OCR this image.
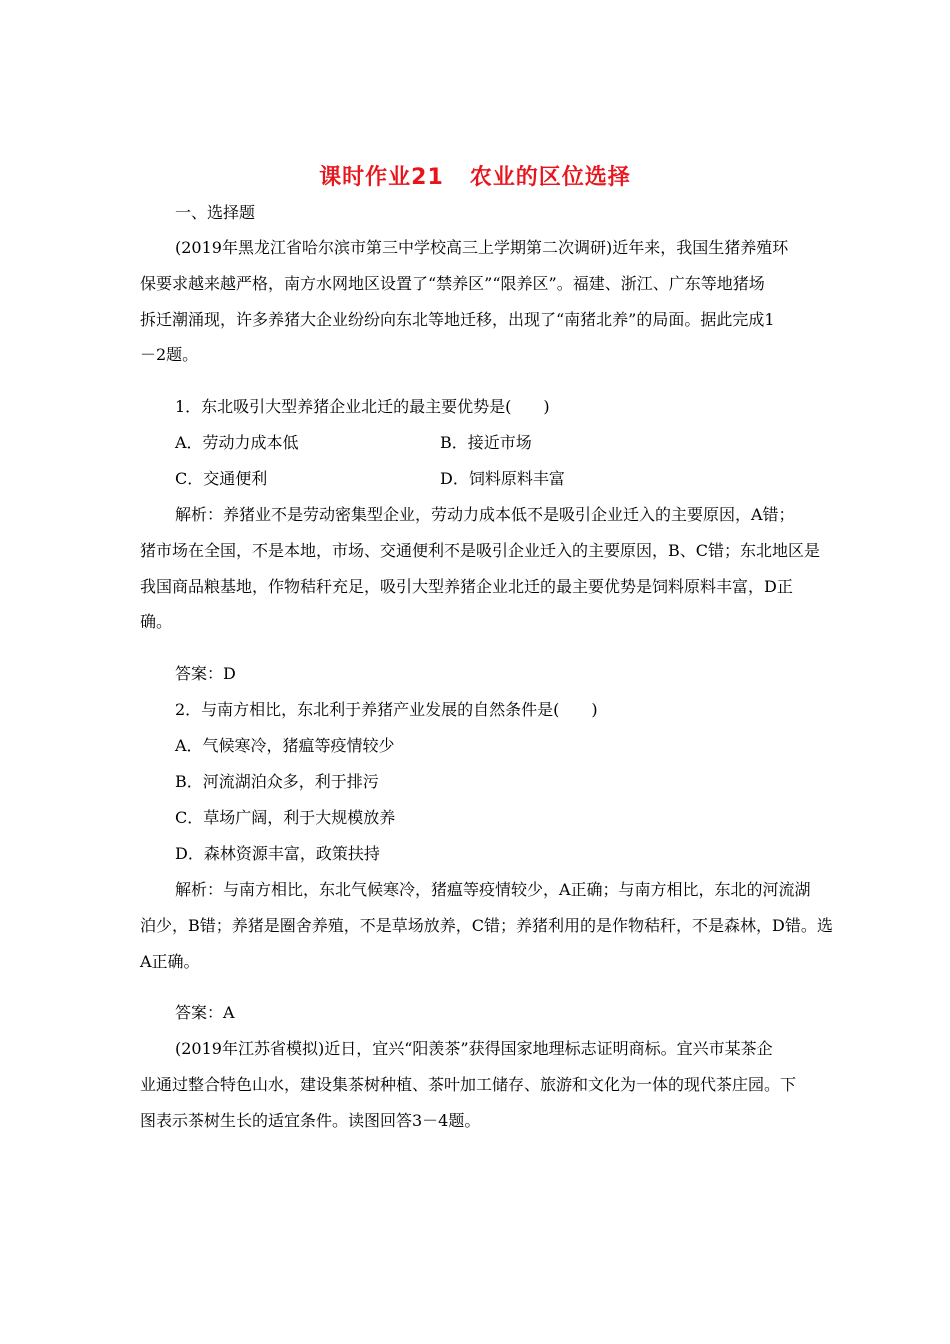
课时作业21 农业的区位选择
一、选择题
(2019年黑龙江省哈尔滨市第三中学校高三上学期第二次调研)近年来，我国生猪养殖环
保要求越来越严格，南方水网地区设置了“禁养区”“限养区”。福建、浙江、广东等地猪场
拆迁潮涌现，许多养猪大企业纷纷向东北等地迁移，出现了“南猪北养”的局面。据此完成1
－2题。
1．东北吸引大型养猪企业北迁的最主要优势是(　　)
A．劳动力成本低	B．接近市场
C．交通便利	D．饲料原料丰富
解析：养猪业不是劳动密集型企业，劳动力成本低不是吸引企业迁入的主要原因，A错；
猪市场在全国，不是本地，市场、交通便利不是吸引企业迁入的主要原因，B、C错；东北地区是
我国商品粮基地，作物秸秆充足，吸引大型养猪企业北迁的最主要优势是饲料原料丰富，D正
确。
答案：D
2．与南方相比，东北利于养猪产业发展的自然条件是(　　)
A．气候寒冷，猪瘟等疫情较少
B．河流湖泊众多，利于排污
C．草场广阔，利于大规模放养
D．森林资源丰富，政策扶持
解析：与南方相比，东北气候寒冷，猪瘟等疫情较少，A正确；与南方相比，东北的河流湖
泊少，B错；养猪是圈舍养殖，不是草场放养，C错；养猪利用的是作物秸秆，不是森林，D错。选
A正确。
答案：A
(2019年江苏省模拟)近日，宜兴“阳羡茶”获得国家地理标志证明商标。宜兴市某茶企
业通过整合特色山水，建设集茶树种植、茶叶加工储存、旅游和文化为一体的现代茶庄园。下
图表示茶树生长的适宜条件。读图回答3－4题。
